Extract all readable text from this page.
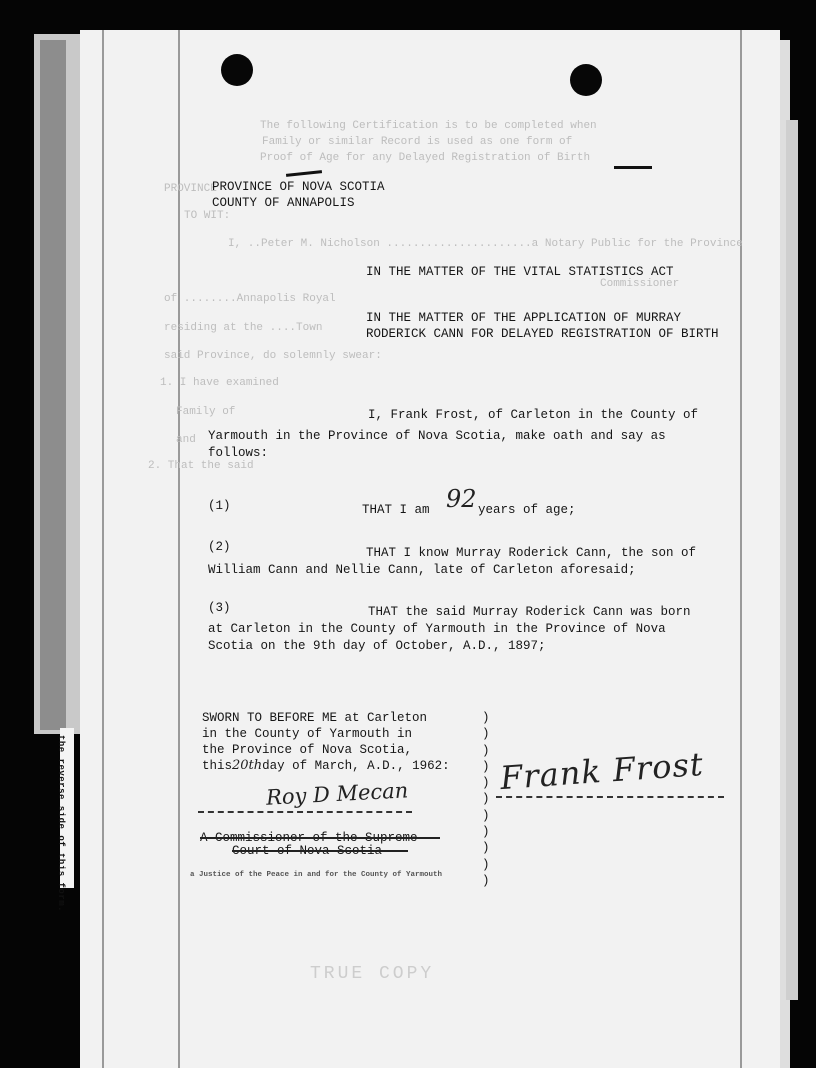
The following Certification is to be completed when
Family or similar Record is used as one form of
Proof of Age for any Delayed Registration of Birth
PROVINCE
TO WIT:
I, ..Peter M. Nicholson ......................a Notary Public for the Province
Commissioner
of ........Annapolis Royal
residing at the ....Town
said Province, do solemnly swear:
1. I have examined
Family of
and
2. That the said
TRUE COPY
PROVINCE OF NOVA SCOTIA
COUNTY OF ANNAPOLIS
IN THE MATTER OF THE VITAL STATISTICS ACT
IN THE MATTER OF THE APPLICATION OF MURRAY
RODERICK CANN FOR DELAYED REGISTRATION OF BIRTH
I, Frank Frost, of Carleton in the County of
Yarmouth in the Province of Nova Scotia, make oath and say as
follows:
(1)	THAT I am 92 years of age;
(2)	THAT I know Murray Roderick Cann, the son of
William Cann and Nellie Cann, late of Carleton aforesaid;
(3)	THAT the said Murray Roderick Cann was born
at Carleton in the County of Yarmouth in the Province of Nova
Scotia on the 9th day of October, A.D., 1897;
SWORN TO BEFORE ME at Carleton
in the County of Yarmouth in
the Province of Nova Scotia,
this20thday of March, A.D., 1962:
)
)
)
)
)
)
)
)
)
)
)
Roy D Mecan
a Justice of the Peace in and for the County of Yarmouth
Frank Frost
the reverse side of this form.
